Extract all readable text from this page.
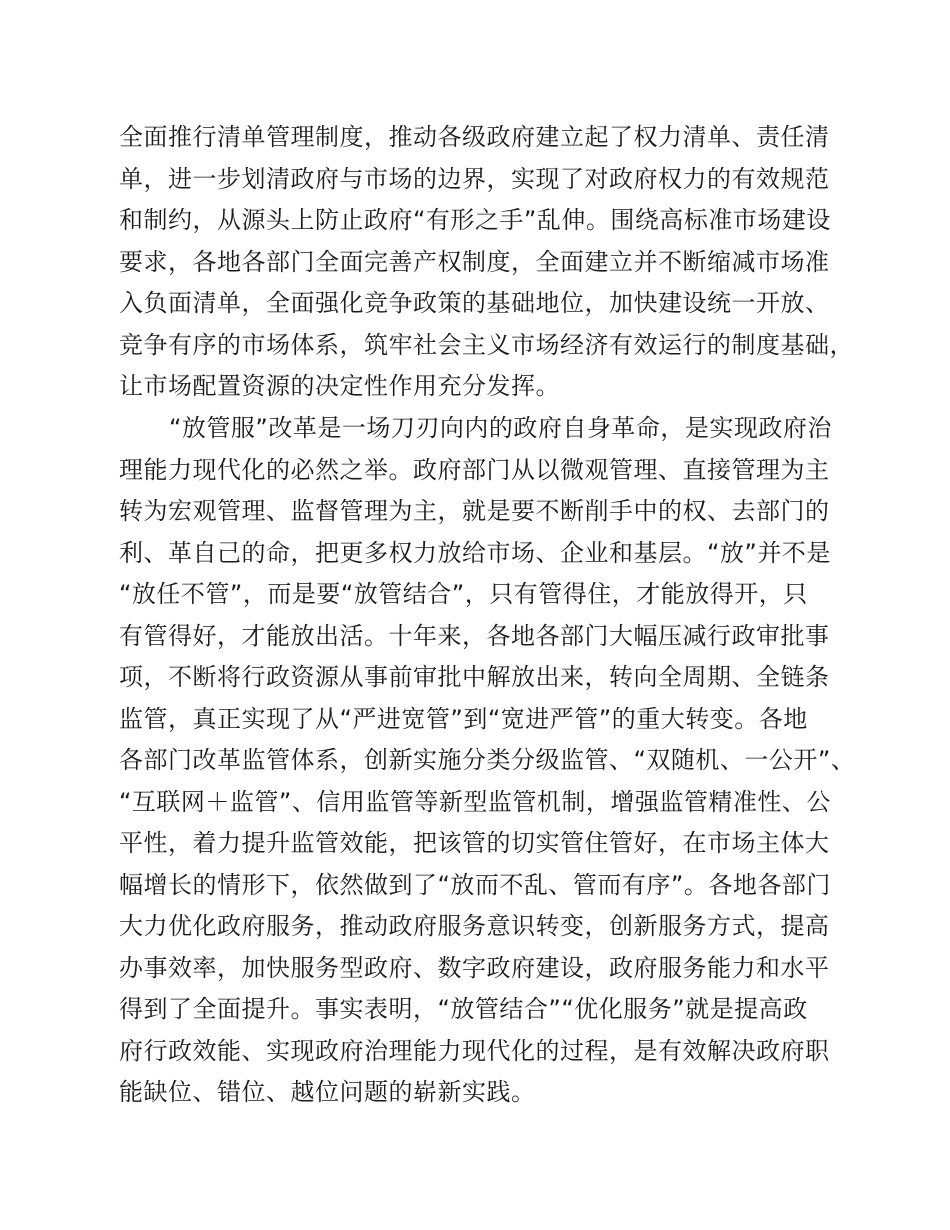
全面推行清单管理制度，推动各级政府建立起了权力清单、责任清
单，进一步划清政府与市场的边界，实现了对政府权力的有效规范
和制约，从源头上防止政府“有形之手”乱伸。围绕高标准市场建设
要求，各地各部门全面完善产权制度，全面建立并不断缩减市场准
入负面清单，全面强化竞争政策的基础地位，加快建设统一开放、
竞争有序的市场体系，筑牢社会主义市场经济有效运行的制度基础，
让市场配置资源的决定性作用充分发挥。
“放管服”改革是一场刀刃向内的政府自身革命，是实现政府治
理能力现代化的必然之举。政府部门从以微观管理、直接管理为主
转为宏观管理、监督管理为主，就是要不断削手中的权、去部门的
利、革自己的命，把更多权力放给市场、企业和基层。“放”并不是
“放任不管”，而是要“放管结合”，只有管得住，才能放得开，只
有管得好，才能放出活。十年来，各地各部门大幅压减行政审批事
项，不断将行政资源从事前审批中解放出来，转向全周期、全链条
监管，真正实现了从“严进宽管”到“宽进严管”的重大转变。各地
各部门改革监管体系，创新实施分类分级监管、“双随机、一公开”、
“互联网＋监管”、信用监管等新型监管机制，增强监管精准性、公
平性，着力提升监管效能，把该管的切实管住管好，在市场主体大
幅增长的情形下，依然做到了“放而不乱、管而有序”。各地各部门
大力优化政府服务，推动政府服务意识转变，创新服务方式，提高
办事效率，加快服务型政府、数字政府建设，政府服务能力和水平
得到了全面提升。事实表明，“放管结合”“优化服务”就是提高政
府行政效能、实现政府治理能力现代化的过程，是有效解决政府职
能缺位、错位、越位问题的崭新实践。
